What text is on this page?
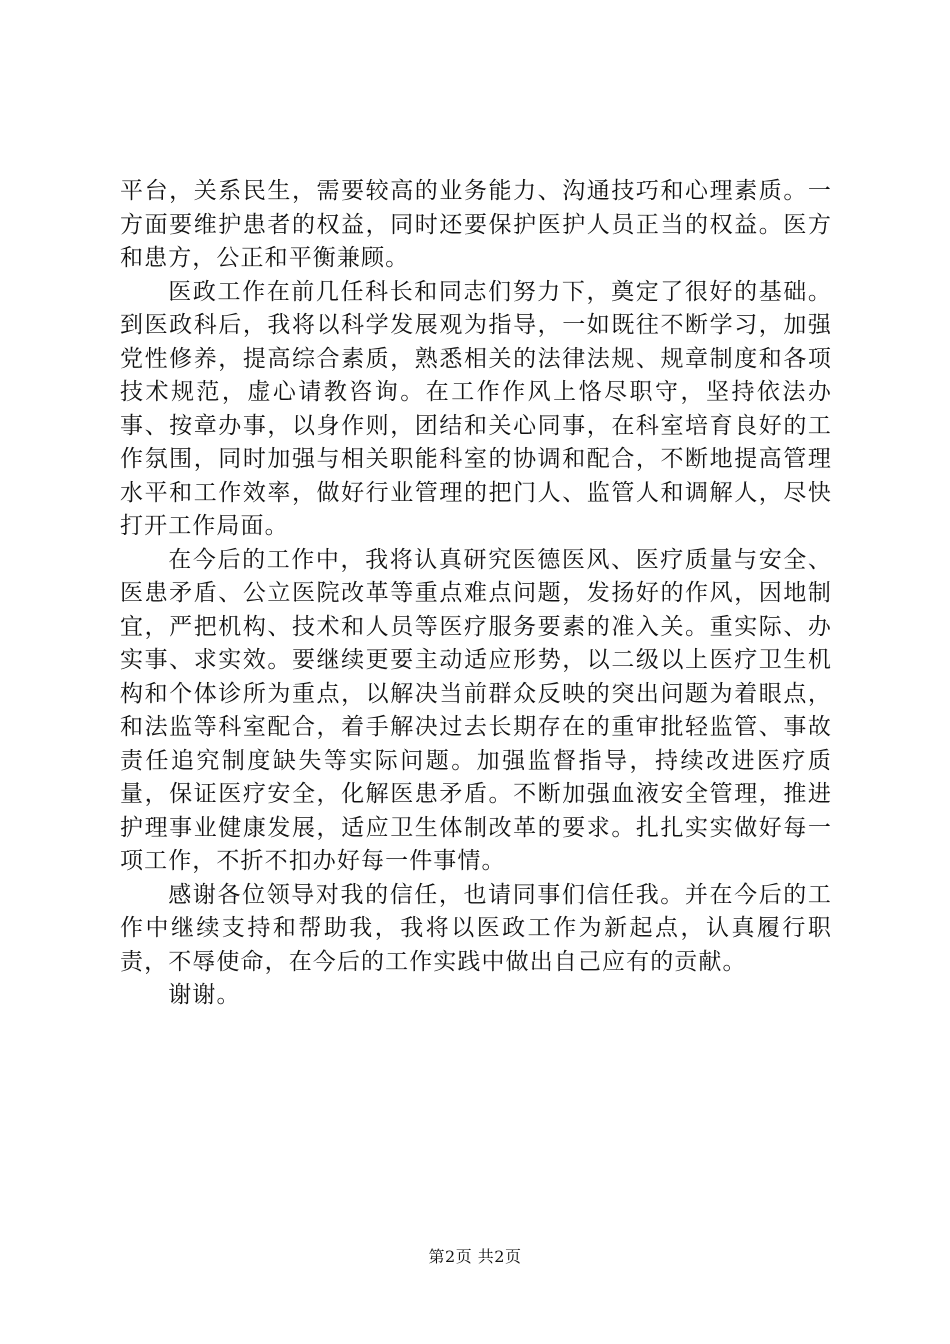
平台，关系民生，需要较高的业务能力、沟通技巧和心理素质。一方面要维护患者的权益，同时还要保护医护人员正当的权益。医方和患方，公正和平衡兼顾。

医政工作在前几任科长和同志们努力下，奠定了很好的基础。到医政科后，我将以科学发展观为指导，一如既往不断学习，加强党性修养，提高综合素质，熟悉相关的法律法规、规章制度和各项技术规范，虚心请教咨询。在工作作风上恪尽职守，坚持依法办事、按章办事，以身作则，团结和关心同事，在科室培育良好的工作氛围，同时加强与相关职能科室的协调和配合，不断地提高管理水平和工作效率，做好行业管理的把门人、监管人和调解人，尽快打开工作局面。

在今后的工作中，我将认真研究医德医风、医疗质量与安全、医患矛盾、公立医院改革等重点难点问题，发扬好的作风，因地制宜，严把机构、技术和人员等医疗服务要素的准入关。重实际、办实事、求实效。要继续更要主动适应形势，以二级以上医疗卫生机构和个体诊所为重点，以解决当前群众反映的突出问题为着眼点，和法监等科室配合，着手解决过去长期存在的重审批轻监管、事故责任追究制度缺失等实际问题。加强监督指导，持续改进医疗质量，保证医疗安全，化解医患矛盾。不断加强血液安全管理，推进护理事业健康发展，适应卫生体制改革的要求。扎扎实实做好每一项工作，不折不扣办好每一件事情。

感谢各位领导对我的信任，也请同事们信任我。并在今后的工作中继续支持和帮助我，我将以医政工作为新起点，认真履行职责，不辱使命，在今后的工作实践中做出自己应有的贡献。

谢谢。

第2页 共2页
